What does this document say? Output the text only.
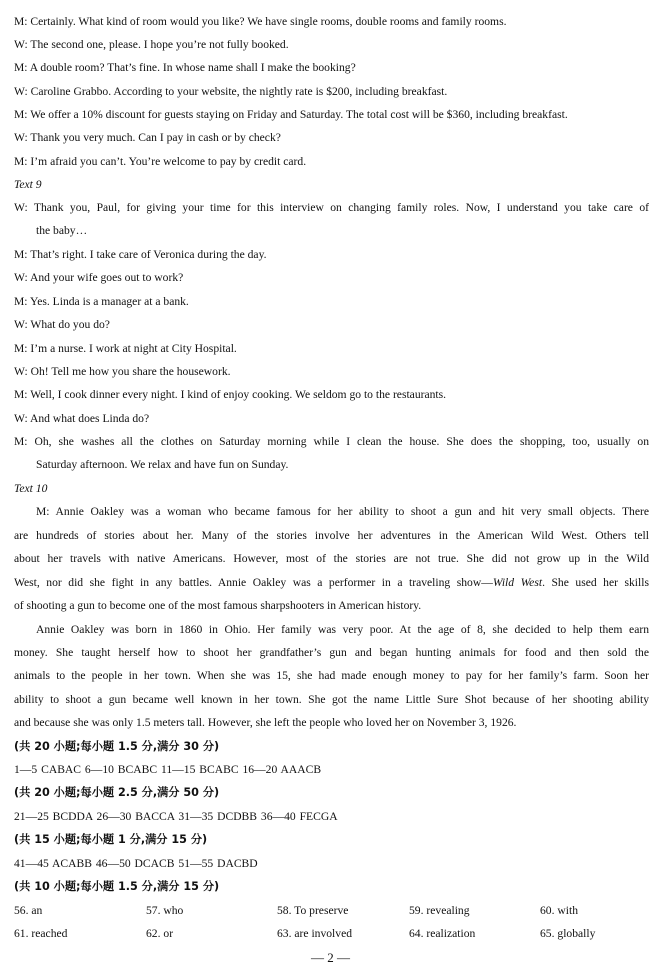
M: Certainly. What kind of room would you like? We have single rooms, double rooms and family rooms.
W: The second one, please. I hope you’re not fully booked.
M: A double room? That’s fine. In whose name shall I make the booking?
W: Caroline Grabbo. According to your website, the nightly rate is $200, including breakfast.
M: We offer a 10% discount for guests staying on Friday and Saturday. The total cost will be $360, including breakfast.
W: Thank you very much. Can I pay in cash or by check?
M: I’m afraid you can’t. You’re welcome to pay by credit card.
Text 9
W: Thank you, Paul, for giving your time for this interview on changing family roles. Now, I understand you take care of
the baby…
M: That’s right. I take care of Veronica during the day.
W: And your wife goes out to work?
M: Yes. Linda is a manager at a bank.
W: What do you do?
M: I’m a nurse. I work at night at City Hospital.
W: Oh! Tell me how you share the housework.
M: Well, I cook dinner every night. I kind of enjoy cooking. We seldom go to the restaurants.
W: And what does Linda do?
M: Oh, she washes all the clothes on Saturday morning while I clean the house. She does the shopping, too, usually on
Saturday afternoon. We relax and have fun on Sunday.
Text 10
M: Annie Oakley was a woman who became famous for her ability to shoot a gun and hit very small objects. There
are hundreds of stories about her. Many of the stories involve her adventures in the American Wild West. Others tell
about her travels with native Americans. However, most of the stories are not true. She did not grow up in the Wild
West, nor did she fight in any battles. Annie Oakley was a performer in a traveling show—Wild West. She used her skills
of shooting a gun to become one of the most famous sharpshooters in American history.
Annie Oakley was born in 1860 in Ohio. Her family was very poor. At the age of 8, she decided to help them earn
money. She taught herself how to shoot her grandfather’s gun and began hunting animals for food and then sold the
animals to the people in her town. When she was 15, she had made enough money to pay for her family’s farm. Soon her
ability to shoot a gun became well known in her town. She got the name Little Sure Shot because of her shooting ability
and because she was only 1.5 meters tall. However, she left the people who loved her on November 3, 1926.
(共 20 小题;每小题 1.5 分,满分 30 分)
1—5 CABAC 6—10 BCABC 11—15 BCABC 16—20 AAACB
(共 20 小题;每小题 2.5 分,满分 50 分)
21—25 BCDDA 26—30 BACCA 31—35 DCDBB 36—40 FECGA
(共 15 小题;每小题 1 分,满分 15 分)
41—45 ACABB 46—50 DCACB 51—55 DACBD
(共 10 小题;每小题 1.5 分,满分 15 分)
56. an	57. who	58. To preserve	59. revealing	60. with
61. reached	62. or	63. are involved	64. realization	65. globally
— 2 —
